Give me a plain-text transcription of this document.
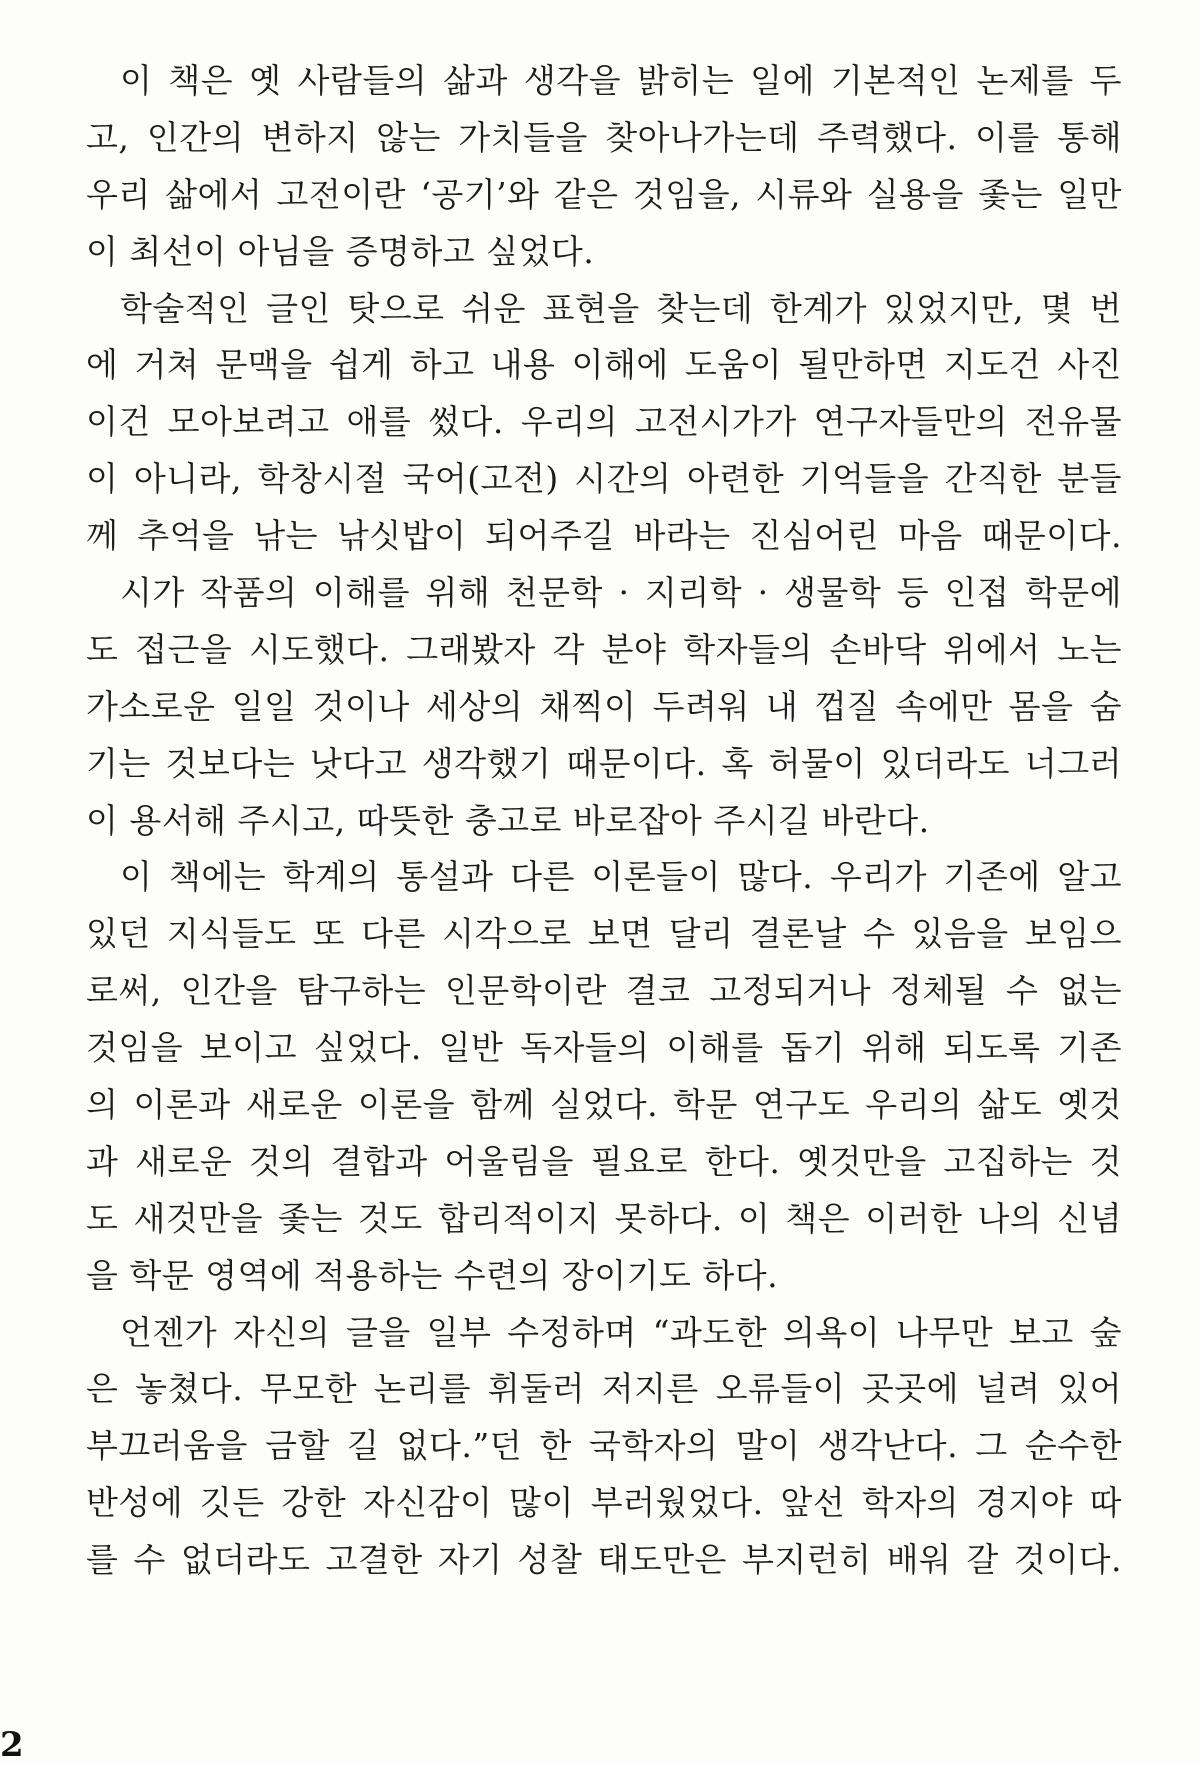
이 책은 옛 사람들의 삶과 생각을 밝히는 일에 기본적인 논제를 두
고, 인간의 변하지 않는 가치들을 찾아나가는데 주력했다. 이를 통해
우리 삶에서 고전이란 ‘공기’와 같은 것임을, 시류와 실용을 좇는 일만
이 최선이 아님을 증명하고 싶었다.
학술적인 글인 탓으로 쉬운 표현을 찾는데 한계가 있었지만, 몇 번
에 거쳐 문맥을 쉽게 하고 내용 이해에 도움이 될만하면 지도건 사진
이건 모아보려고 애를 썼다. 우리의 고전시가가 연구자들만의 전유물
이 아니라, 학창시절 국어(고전) 시간의 아련한 기억들을 간직한 분들
께 추억을 낚는 낚싯밥이 되어주길 바라는 진심어린 마음 때문이다.
시가 작품의 이해를 위해 천문학 · 지리학 · 생물학 등 인접 학문에
도 접근을 시도했다. 그래봤자 각 분야 학자들의 손바닥 위에서 노는
가소로운 일일 것이나 세상의 채찍이 두려워 내 껍질 속에만 몸을 숨
기는 것보다는 낫다고 생각했기 때문이다. 혹 허물이 있더라도 너그러
이 용서해 주시고, 따뜻한 충고로 바로잡아 주시길 바란다.
이 책에는 학계의 통설과 다른 이론들이 많다. 우리가 기존에 알고
있던 지식들도 또 다른 시각으로 보면 달리 결론날 수 있음을 보임으
로써, 인간을 탐구하는 인문학이란 결코 고정되거나 정체될 수 없는
것임을 보이고 싶었다. 일반 독자들의 이해를 돕기 위해 되도록 기존
의 이론과 새로운 이론을 함께 실었다. 학문 연구도 우리의 삶도 옛것
과 새로운 것의 결합과 어울림을 필요로 한다. 옛것만을 고집하는 것
도 새것만을 좇는 것도 합리적이지 못하다. 이 책은 이러한 나의 신념
을 학문 영역에 적용하는 수련의 장이기도 하다.
언젠가 자신의 글을 일부 수정하며 “과도한 의욕이 나무만 보고 숲
은 놓쳤다. 무모한 논리를 휘둘러 저지른 오류들이 곳곳에 널려 있어
부끄러움을 금할 길 없다.”던 한 국학자의 말이 생각난다. 그 순수한
반성에 깃든 강한 자신감이 많이 부러웠었다. 앞선 학자의 경지야 따
를 수 없더라도 고결한 자기 성찰 태도만은 부지런히 배워 갈 것이다.
2
